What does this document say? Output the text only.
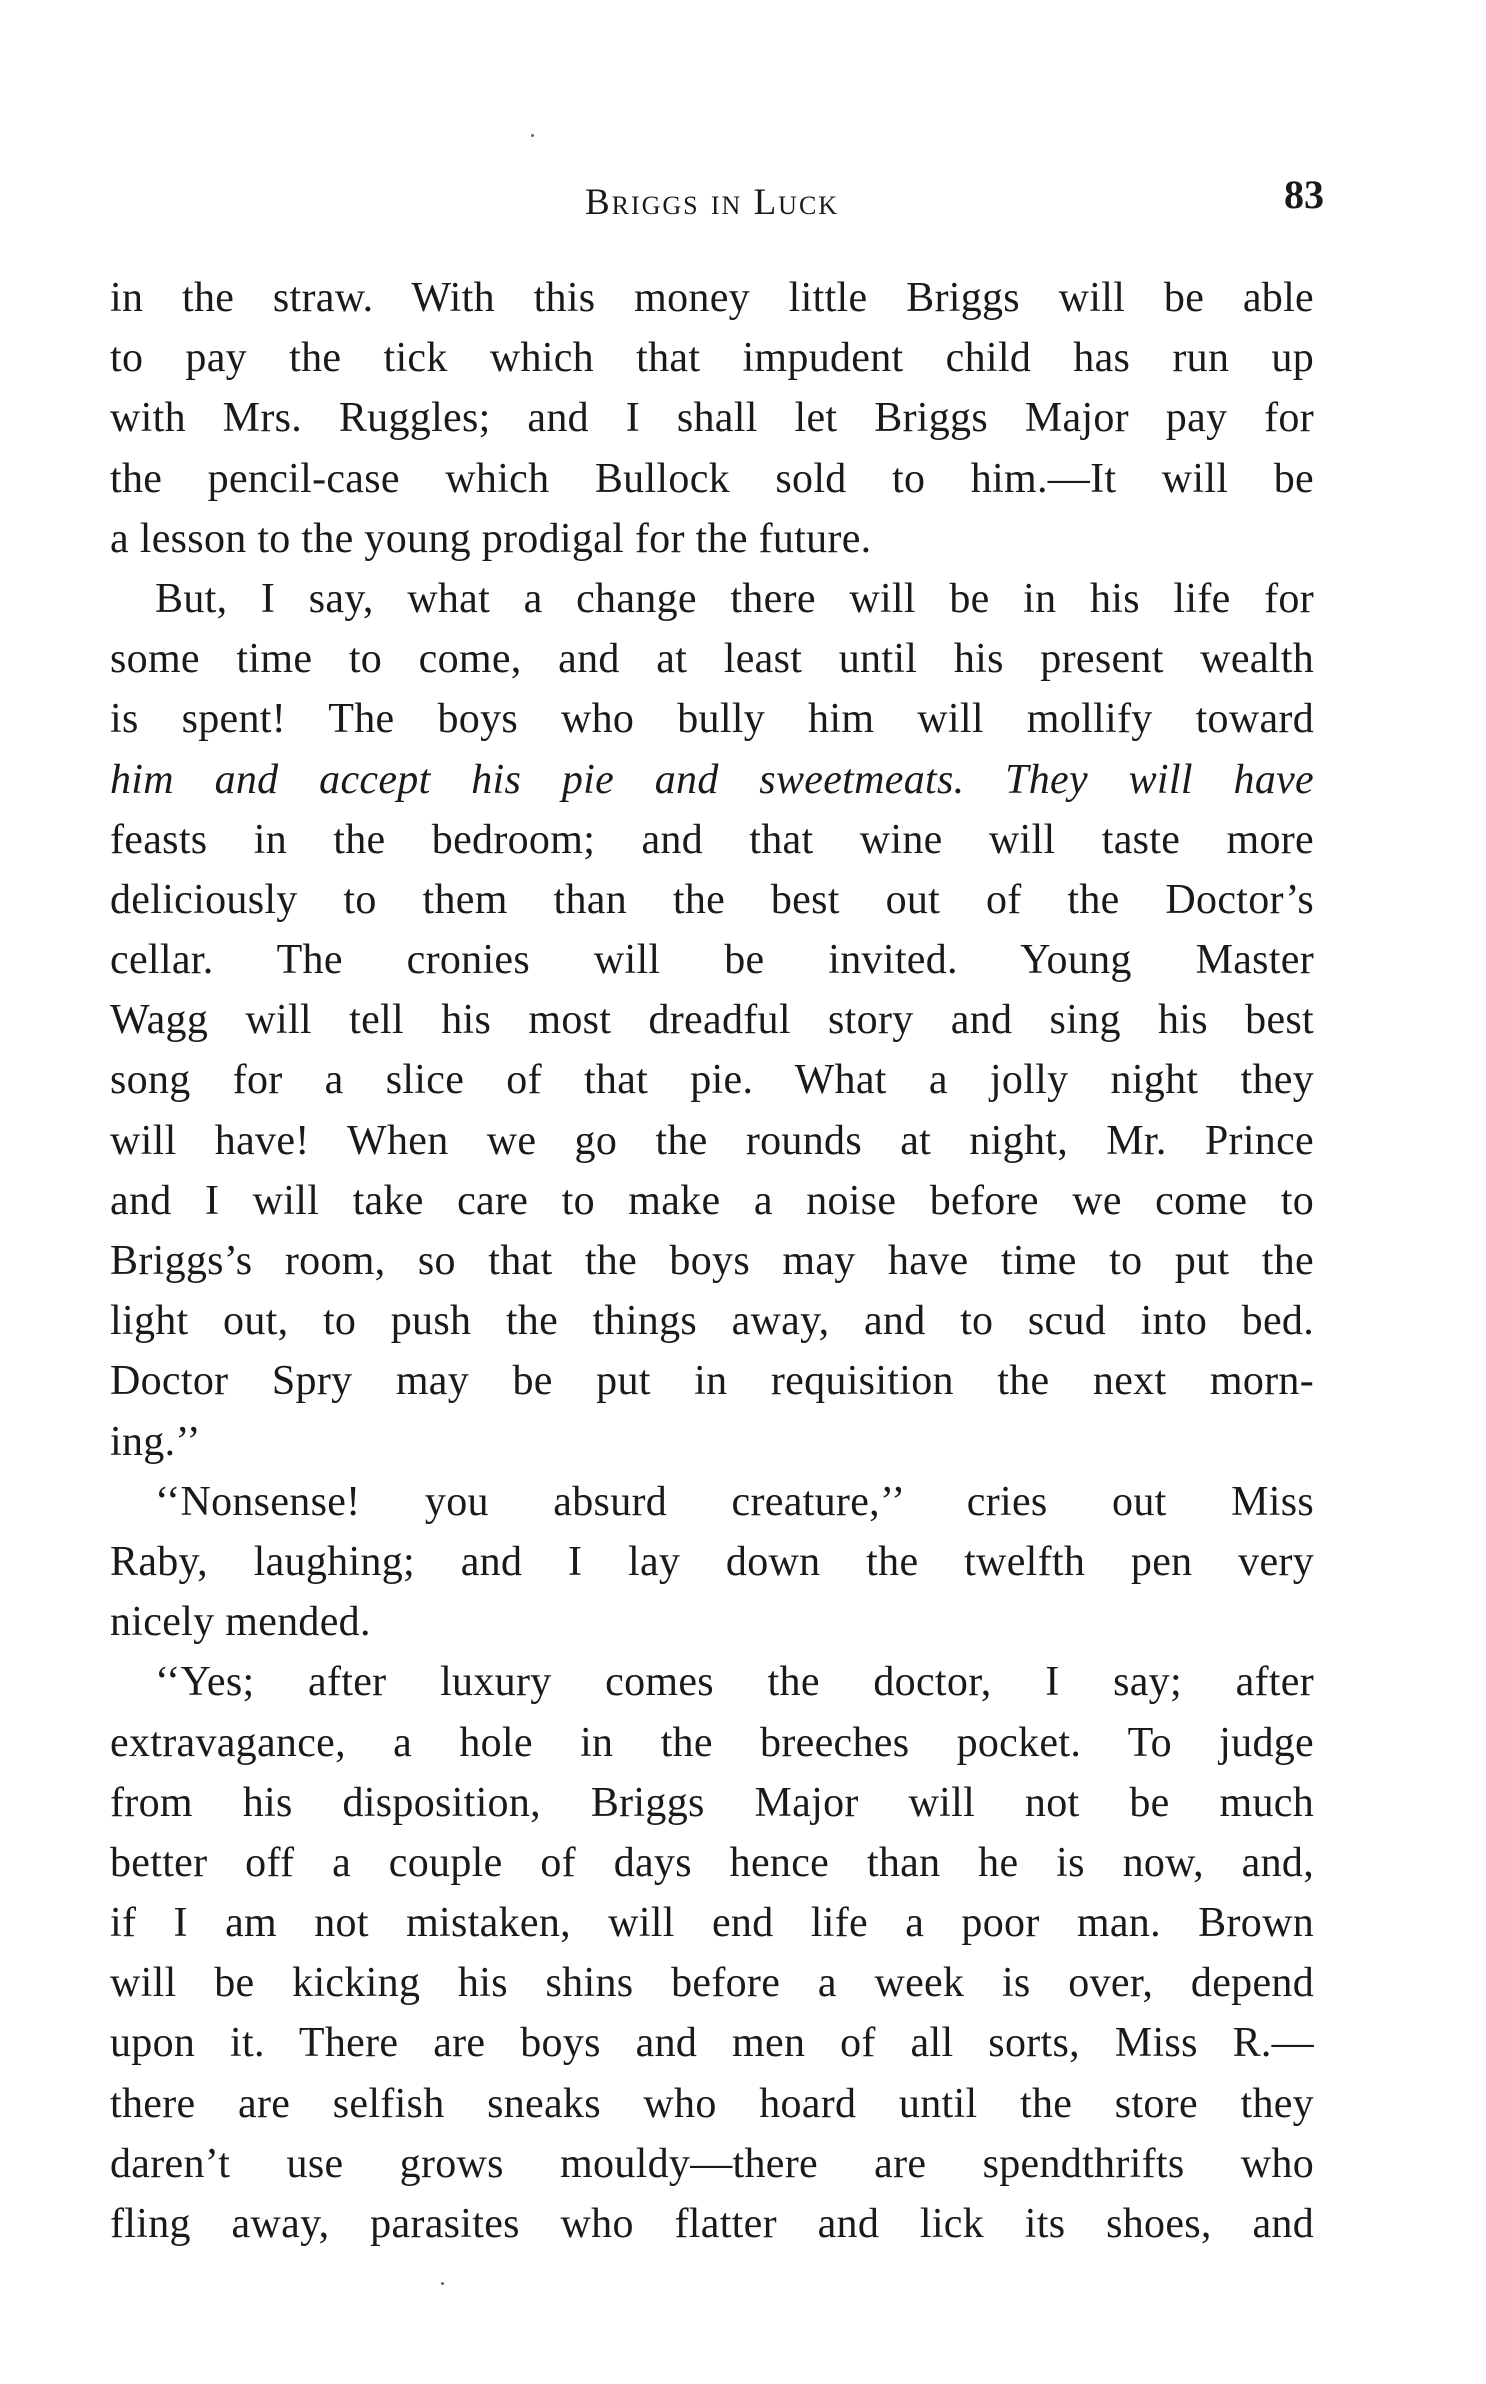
Briggs in Luck	83
in the straw. With this money little Briggs will be able
to pay the tick which that impudent child has run up
with Mrs. Ruggles; and I shall let Briggs Major pay for
the pencil-case which Bullock sold to him.—It will be
a lesson to the young prodigal for the future.
But, I say, what a change there will be in his life for
some time to come, and at least until his present wealth
is spent! The boys who bully him will mollify toward
him and accept his pie and sweetmeats. They will have
feasts in the bedroom; and that wine will taste more
deliciously to them than the best out of the Doctor’s
cellar. The cronies will be invited. Young Master
Wagg will tell his most dreadful story and sing his best
song for a slice of that pie. What a jolly night they
will have! When we go the rounds at night, Mr. Prince
and I will take care to make a noise before we come to
Briggs’s room, so that the boys may have time to put the
light out, to push the things away, and to scud into bed.
Doctor Spry may be put in requisition the next morn-
ing.’’
‘‘Nonsense! you absurd creature,’’ cries out Miss
Raby, laughing; and I lay down the twelfth pen very
nicely mended.
‘‘Yes; after luxury comes the doctor, I say; after
extravagance, a hole in the breeches pocket. To judge
from his disposition, Briggs Major will not be much
better off a couple of days hence than he is now, and,
if I am not mistaken, will end life a poor man. Brown
will be kicking his shins before a week is over, depend
upon it. There are boys and men of all sorts, Miss R.—
there are selfish sneaks who hoard until the store they
daren’t use grows mouldy—there are spendthrifts who
fling away, parasites who flatter and lick its shoes, and
